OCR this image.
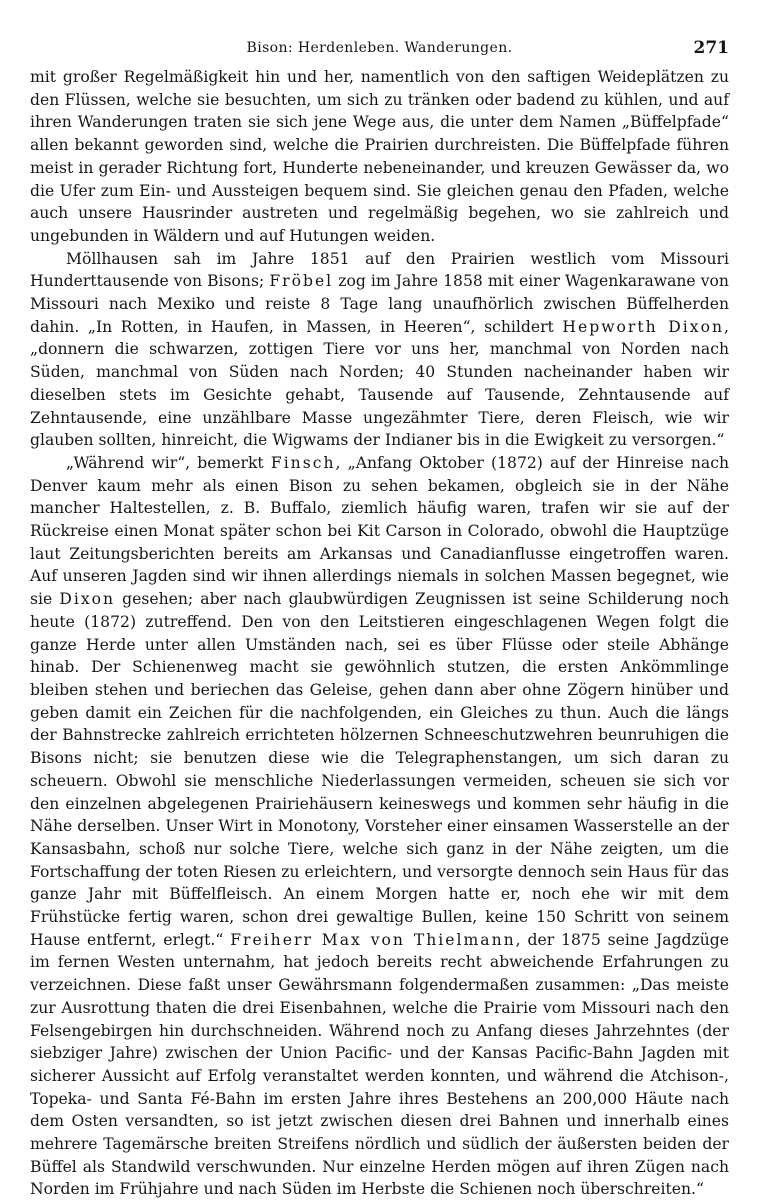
Bison: Herdenleben. Wanderungen.	271

mit großer Regelmäßigkeit hin und her, namentlich von den saftigen Weideplätzen zu den Flüssen, welche sie besuchten, um sich zu tränken oder badend zu kühlen, und auf ihren Wanderungen traten sie sich jene Wege aus, die unter dem Namen „Büffelpfade“ allen bekannt geworden sind, welche die Prairien durchreisten. Die Büffelpfade führen meist in gerader Richtung fort, Hunderte nebeneinander, und kreuzen Gewässer da, wo die Ufer zum Ein- und Aussteigen bequem sind. Sie gleichen genau den Pfaden, welche auch unsere Hausrinder austreten und regelmäßig begehen, wo sie zahlreich und ungebunden in Wäldern und auf Hutungen weiden.

Möllhausen sah im Jahre 1851 auf den Prairien westlich vom Missouri Hunderttausende von Bisons; Fröbel zog im Jahre 1858 mit einer Wagenkarawane von Missouri nach Mexiko und reiste 8 Tage lang unaufhörlich zwischen Büffelherden dahin. „In Rotten, in Haufen, in Massen, in Heeren“, schildert Hepworth Dixon, „donnern die schwarzen, zottigen Tiere vor uns her, manchmal von Norden nach Süden, manchmal von Süden nach Norden; 40 Stunden nacheinander haben wir dieselben stets im Gesichte gehabt, Tausende auf Tausende, Zehntausende auf Zehntausende, eine unzählbare Masse ungezähmter Tiere, deren Fleisch, wie wir glauben sollten, hinreicht, die Wigwams der Indianer bis in die Ewigkeit zu versorgen.“

„Während wir“, bemerkt Finsch, „Anfang Oktober (1872) auf der Hinreise nach Denver kaum mehr als einen Bison zu sehen bekamen, obgleich sie in der Nähe mancher Haltestellen, z. B. Buffalo, ziemlich häufig waren, trafen wir sie auf der Rückreise einen Monat später schon bei Kit Carson in Colorado, obwohl die Hauptzüge laut Zeitungsberichten bereits am Arkansas und Canadianflusse eingetroffen waren. Auf unseren Jagden sind wir ihnen allerdings niemals in solchen Massen begegnet, wie sie Dixon gesehen; aber nach glaubwürdigen Zeugnissen ist seine Schilderung noch heute (1872) zutreffend. Den von den Leitstieren eingeschlagenen Wegen folgt die ganze Herde unter allen Umständen nach, sei es über Flüsse oder steile Abhänge hinab. Der Schienenweg macht sie gewöhnlich stutzen, die ersten Ankömmlinge bleiben stehen und beriechen das Geleise, gehen dann aber ohne Zögern hinüber und geben damit ein Zeichen für die nachfolgenden, ein Gleiches zu thun. Auch die längs der Bahnstrecke zahlreich errichteten hölzernen Schneeschutzwehren beunruhigen die Bisons nicht; sie benutzen diese wie die Telegraphenstangen, um sich daran zu scheuern. Obwohl sie menschliche Niederlassungen vermeiden, scheuen sie sich vor den einzelnen abgelegenen Prairiehäusern keineswegs und kommen sehr häufig in die Nähe derselben. Unser Wirt in Monotony, Vorsteher einer einsamen Wasserstelle an der Kansasbahn, schoß nur solche Tiere, welche sich ganz in der Nähe zeigten, um die Fortschaffung der toten Riesen zu erleichtern, und versorgte dennoch sein Haus für das ganze Jahr mit Büffelfleisch. An einem Morgen hatte er, noch ehe wir mit dem Frühstücke fertig waren, schon drei gewaltige Bullen, keine 150 Schritt von seinem Hause entfernt, erlegt.“ Freiherr Max von Thielmann, der 1875 seine Jagdzüge im fernen Westen unternahm, hat jedoch bereits recht abweichende Erfahrungen zu verzeichnen. Diese faßt unser Gewährsmann folgendermaßen zusammen: „Das meiste zur Ausrottung thaten die drei Eisenbahnen, welche die Prairie vom Missouri nach den Felsengebirgen hin durchschneiden. Während noch zu Anfang dieses Jahrzehntes (der siebziger Jahre) zwischen der Union Pacific- und der Kansas Pacific-Bahn Jagden mit sicherer Aussicht auf Erfolg veranstaltet werden konnten, und während die Atchison-, Topeka- und Santa Fé-Bahn im ersten Jahre ihres Bestehens an 200,000 Häute nach dem Osten versandten, so ist jetzt zwischen diesen drei Bahnen und innerhalb eines mehrere Tagemärsche breiten Streifens nördlich und südlich der äußersten beiden der Büffel als Standwild verschwunden. Nur einzelne Herden mögen auf ihren Zügen nach Norden im Frühjahre und nach Süden im Herbste die Schienen noch überschreiten.“
